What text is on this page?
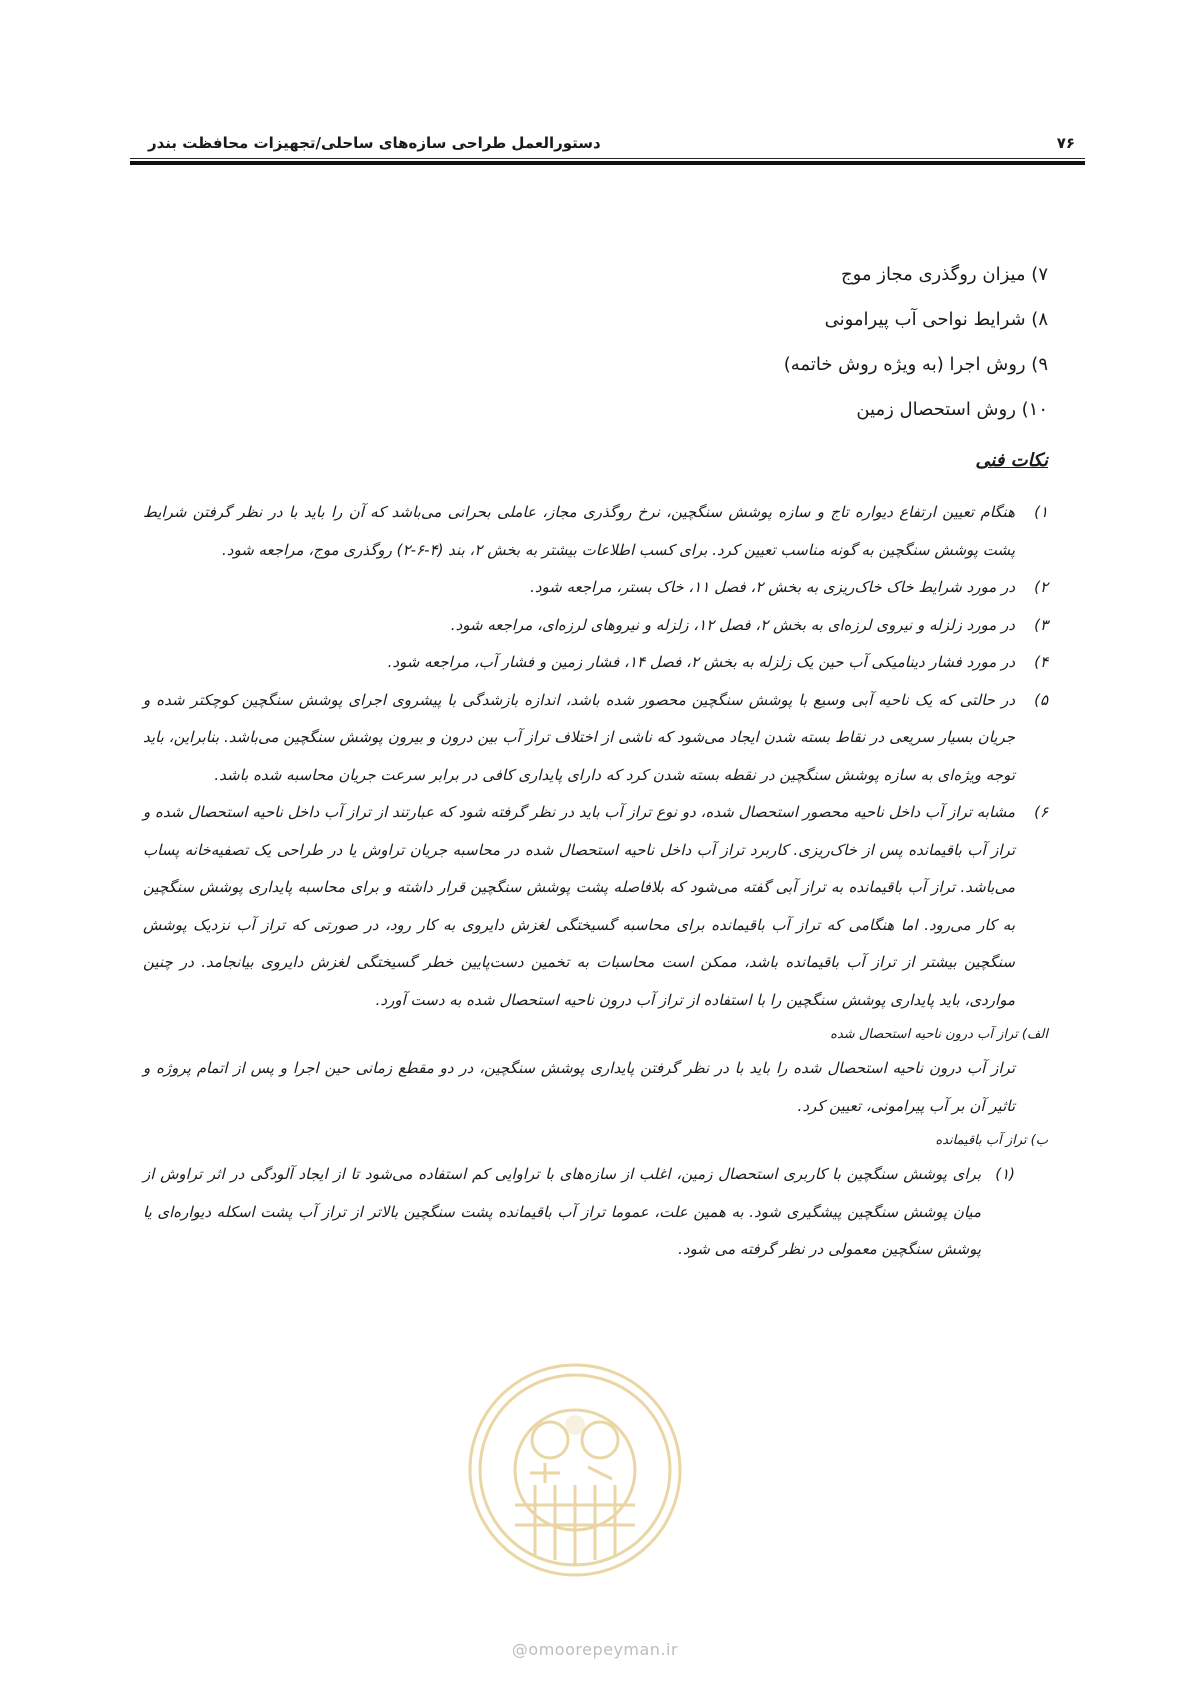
۷۶
دستورالعمل طراحی سازه‌های ساحلی/تجهیزات محافظت بندر
۷) میزان روگذری مجاز موج
۸) شرایط نواحی آب پیرامونی
۹) روش اجرا (به ویژه روش خاتمه)
۱۰) روش استحصال زمین
نکات فنی
۱)
هنگام تعیین ارتفاع دیواره تاج و سازه پوشش سنگچین، نرخ روگذری مجاز، عاملی بحرانی می‌باشد که آن را باید با در نظر گرفتن شرایط پشت پوشش سنگچین به گونه مناسب تعیین کرد. برای کسب اطلاعات بیشتر به بخش ۲، بند (۴-۶-۲) روگذری موج، مراجعه شود.
۲)
در مورد شرایط خاک خاک‌ریزی به بخش ۲، فصل ۱۱، خاک بستر، مراجعه شود.
۳)
در مورد زلزله و نیروی لرزه‌ای به بخش ۲، فصل ۱۲، زلزله و نیروهای لرزه‌ای، مراجعه شود.
۴)
در مورد فشار دینامیکی آب حین یک زلزله به بخش ۲، فصل ۱۴، فشار زمین و فشار آب، مراجعه شود.
۵)
در حالتی که یک ناحیه آبی وسیع با پوشش سنگچین محصور شده باشد، اندازه بازشدگی با پیشروی اجرای پوشش سنگچین کوچکتر شده و جریان بسیار سریعی در نقاط بسته شدن ایجاد می‌شود که ناشی از اختلاف تراز آب بین درون و بیرون پوشش سنگچین می‌باشد. بنابراین، باید توجه ویژه‌ای به سازه پوشش سنگچین در نقطه بسته شدن کرد که دارای پایداری کافی در برابر سرعت جریان محاسبه شده باشد.
۶)
مشابه تراز آب داخل ناحیه محصور استحصال شده، دو نوع تراز آب باید در نظر گرفته شود که عبارتند از تراز آب داخل ناحیه استحصال شده و تراز آب باقیمانده پس از خاک‌ریزی. کاربرد تراز آب داخل ناحیه استحصال شده در محاسبه جریان تراوش یا در طراحی یک تصفیه‌خانه پساب می‌باشد. تراز آب باقیمانده به تراز آبی گفته می‌شود که بلافاصله پشت پوشش سنگچین قرار داشته و برای محاسبه پایداری پوشش سنگچین به کار می‌رود. اما هنگامی که تراز آب باقیمانده برای محاسبه گسیختگی لغزش دایروی به کار رود، در صورتی که تراز آب نزدیک پوشش سنگچین بیشتر از تراز آب باقیمانده باشد، ممکن است محاسبات به تخمین دست‌پایین خطر گسیختگی لغزش دایروی بیانجامد. در چنین مواردی، باید پایداری پوشش سنگچین را با استفاده از تراز آب درون ناحیه استحصال شده به دست آورد.
الف) تراز آب درون ناحیه استحصال شده
تراز آب درون ناحیه استحصال شده را باید با در نظر گرفتن پایداری پوشش سنگچین، در دو مقطع زمانی حین اجرا و پس از اتمام پروژه و تاثیر آن بر آب پیرامونی، تعیین کرد.
ب) تراز آب باقیمانده
(۱)
برای پوشش سنگچین با کاربری استحصال زمین، اغلب از سازه‌های با تراوایی کم استفاده می‌شود تا از ایجاد آلودگی در اثر تراوش از میان پوشش سنگچین پیشگیری شود. به همین علت، عموما تراز آب باقیمانده پشت سنگچین بالاتر از تراز آب پشت اسکله دیواره‌ای یا پوشش سنگچین معمولی در نظر گرفته می شود.
@omoorepeyman.ir
